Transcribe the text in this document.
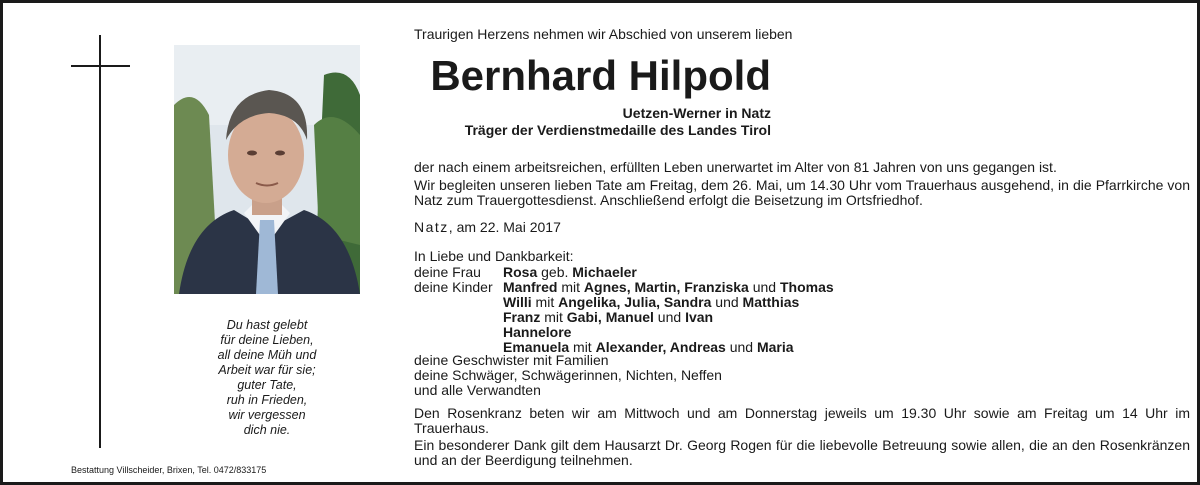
Du hast gelebt
für deine Lieben,
all deine Müh und
Arbeit war für sie;
guter Tate,
ruh in Frieden,
wir vergessen
dich nie.
Bestattung Villscheider, Brixen, Tel. 0472/833175
Traurigen Herzens nehmen wir Abschied von unserem lieben
Bernhard Hilpold
Uetzen-Werner in Natz
Träger der Verdienstmedaille des Landes Tirol
der nach einem arbeitsreichen, erfüllten Leben unerwartet im Alter von 81 Jahren von uns gegangen ist.
Wir begleiten unseren lieben Tate am Freitag, dem 26. Mai, um 14.30 Uhr vom Trauerhaus ausgehend, in die Pfarrkirche von Natz zum Trauergottesdienst. Anschließend erfolgt die Beisetzung im Ortsfriedhof.
Natz, am 22. Mai 2017
In Liebe und Dankbarkeit:
deine Frau Rosa geb. Michaeler
deine Kinder Manfred mit Agnes, Martin, Franziska und Thomas
Willi mit Angelika, Julia, Sandra und Matthias
Franz mit Gabi, Manuel und Ivan
Hannelore
Emanuela mit Alexander, Andreas und Maria
deine Geschwister mit Familien
deine Schwäger, Schwägerinnen, Nichten, Neffen
und alle Verwandten
Den Rosenkranz beten wir am Mittwoch und am Donnerstag jeweils um 19.30 Uhr sowie am Freitag um 14 Uhr im Trauerhaus.
Ein besonderer Dank gilt dem Hausarzt Dr. Georg Rogen für die liebevolle Betreuung sowie allen, die an den Rosenkränzen und an der Beerdigung teilnehmen.
